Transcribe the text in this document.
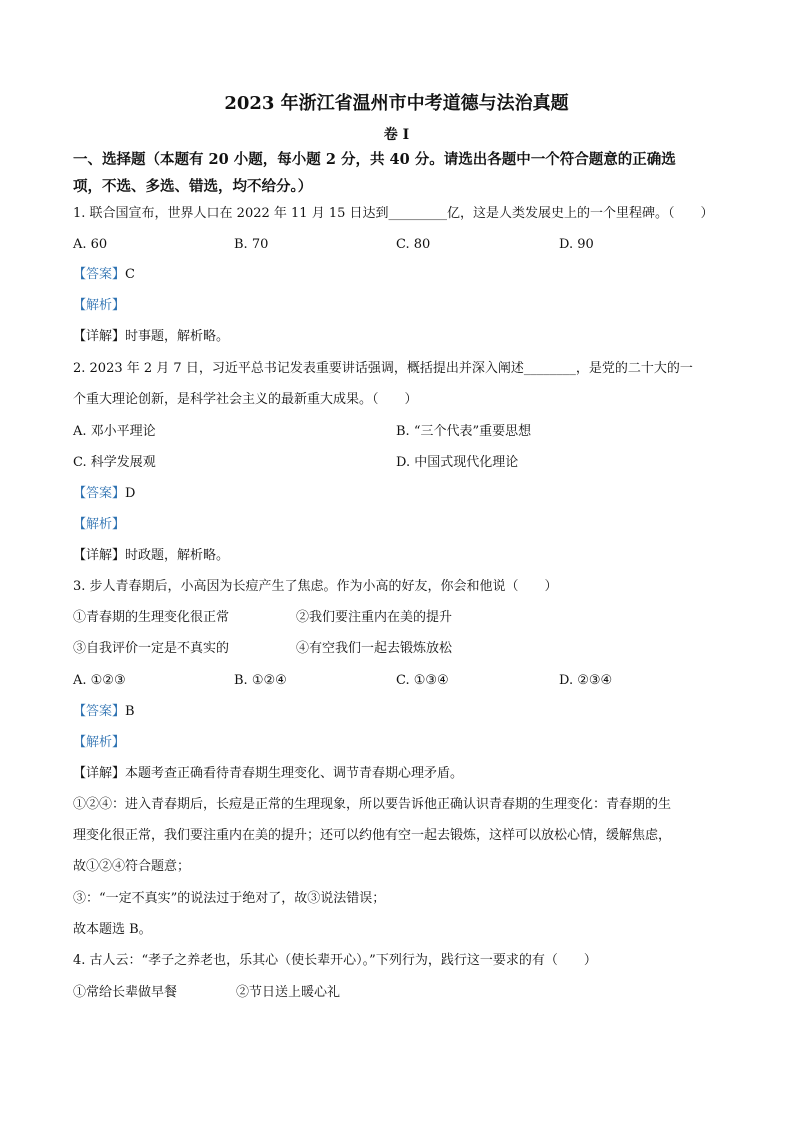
2023 年浙江省温州市中考道德与法治真题
卷 I
一、选择题（本题有 20 小题，每小题 2 分，共 40 分。请选出各题中一个符合题意的正确选
项，不选、多选、错选，均不给分。）
1. 联合国宣布，世界人口在 2022 年 11 月 15 日达到_________亿，这是人类发展史上的一个里程碑。（　　）
A. 60	B. 70	C. 80	D. 90
【答案】C
【解析】
【详解】时事题，解析略。
2. 2023 年 2 月 7 日，习近平总书记发表重要讲话强调，概括提出并深入阐述________，是党的二十大的一
个重大理论创新，是科学社会主义的最新重大成果。（　　）
A. 邓小平理论	B. “三个代表”重要思想
C. 科学发展观	D. 中国式现代化理论
【答案】D
【解析】
【详解】时政题，解析略。
3. 步人青春期后，小高因为长痘产生了焦虑。作为小高的好友，你会和他说（　　）
①青春期的生理变化很正常	②我们要注重内在美的提升
③自我评价一定是不真实的	④有空我们一起去锻炼放松
A. ①②③	B. ①②④	C. ①③④	D. ②③④
【答案】B
【解析】
【详解】本题考查正确看待青春期生理变化、调节青春期心理矛盾。
①②④：进入青春期后，长痘是正常的生理现象，所以要告诉他正确认识青春期的生理变化：青春期的生
理变化很正常，我们要注重内在美的提升；还可以约他有空一起去锻炼，这样可以放松心情，缓解焦虑，
故①②④符合题意；
③：“一定不真实”的说法过于绝对了，故③说法错误；
故本题选 B。
4. 古人云：“孝子之养老也，乐其心（使长辈开心）。”下列行为，践行这一要求的有（　　）
①常给长辈做早餐	②节日送上暖心礼
